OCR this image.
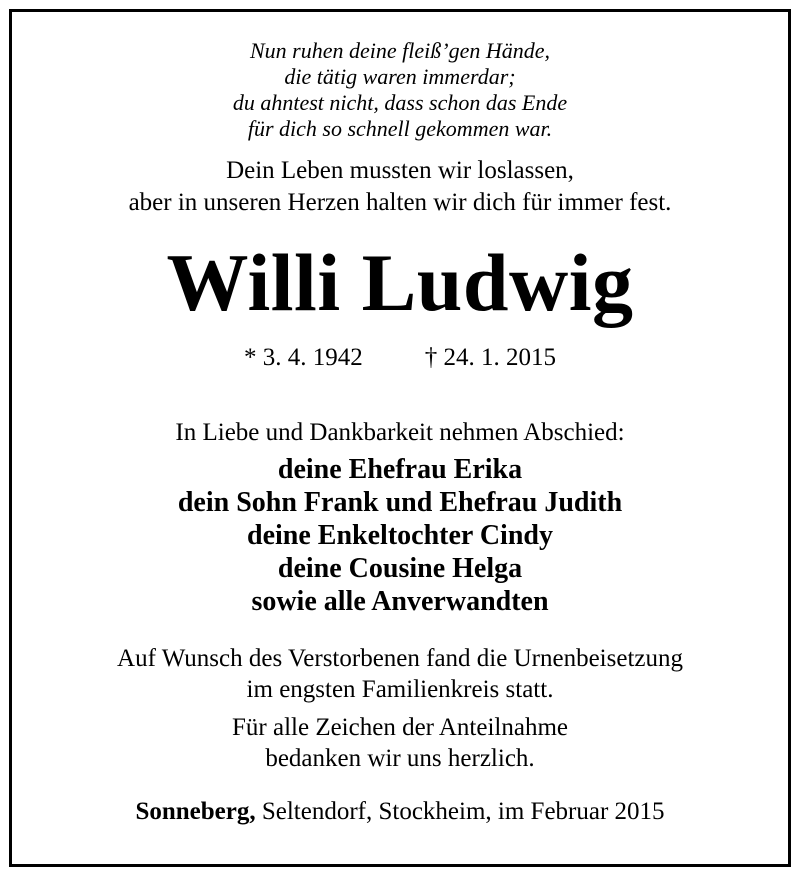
Nun ruhen deine fleiß’gen Hände,
die tätig waren immerdar;
du ahntest nicht, dass schon das Ende
für dich so schnell gekommen war.
Dein Leben mussten wir loslassen,
aber in unseren Herzen halten wir dich für immer fest.
Willi Ludwig
* 3. 4. 1942 † 24. 1. 2015
In Liebe und Dankbarkeit nehmen Abschied:
deine Ehefrau Erika
dein Sohn Frank und Ehefrau Judith
deine Enkeltochter Cindy
deine Cousine Helga
sowie alle Anverwandten
Auf Wunsch des Verstorbenen fand die Urnenbeisetzung
im engsten Familienkreis statt.
Für alle Zeichen der Anteilnahme
bedanken wir uns herzlich.
Sonneberg, Seltendorf, Stockheim, im Februar 2015
